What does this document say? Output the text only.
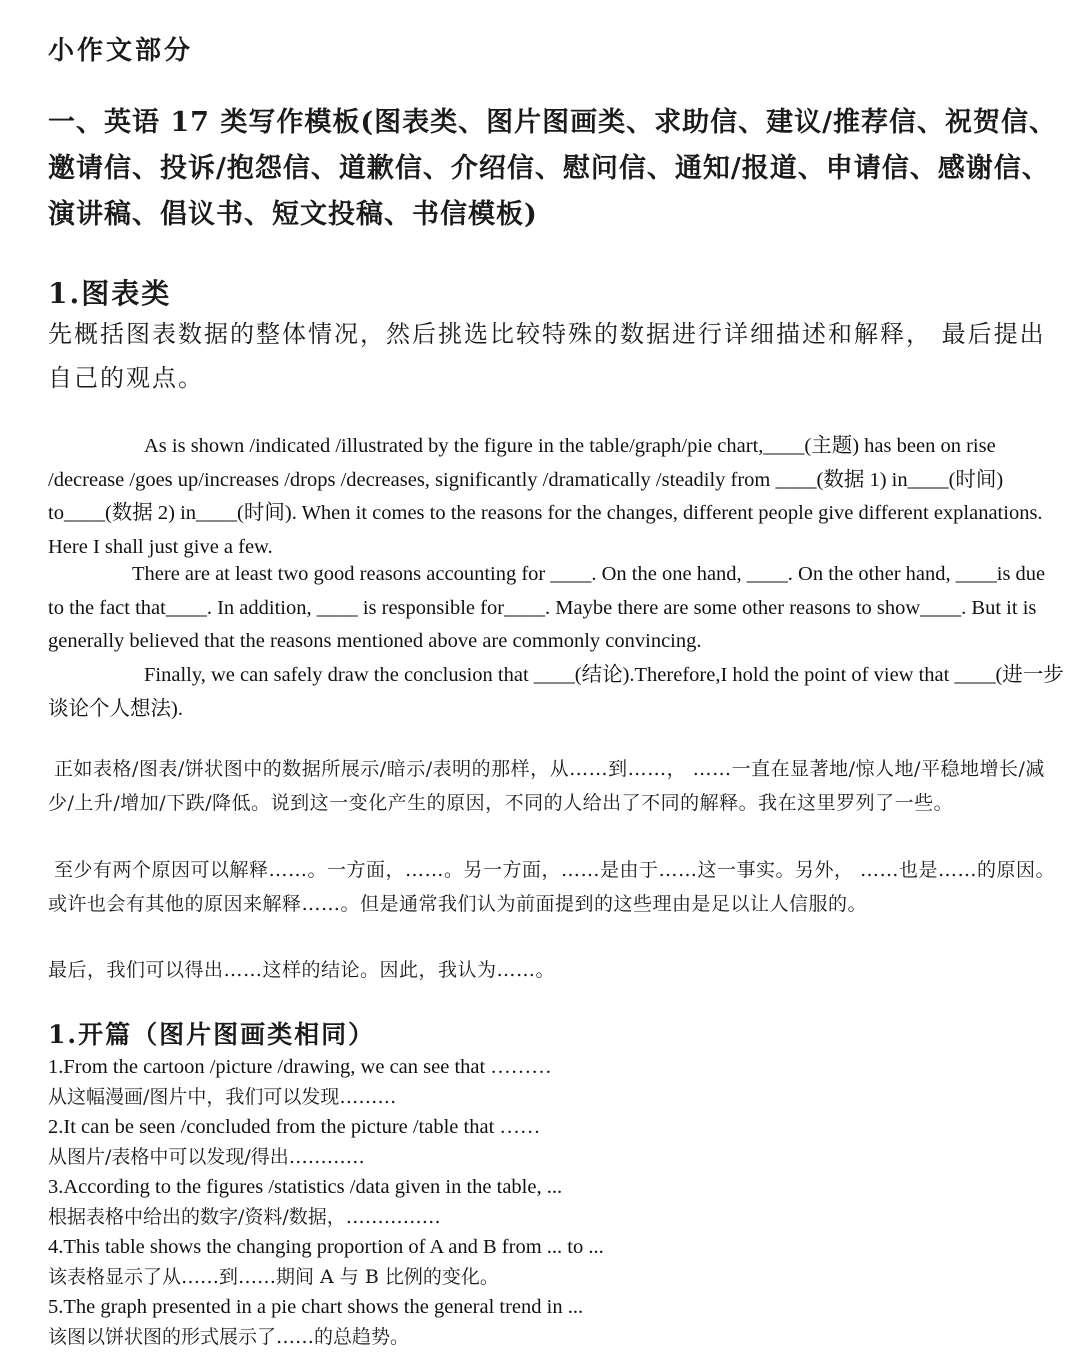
小作文部分
一、英语 17 类写作模板(图表类、图片图画类、求助信、建议/推荐信、祝贺信、邀请信、投诉/抱怨信、道歉信、介绍信、慰问信、通知/报道、申请信、感谢信、演讲稿、倡议书、短文投稿、书信模板)
1.图表类

先概括图表数据的整体情况，然后挑选比较特殊的数据进行详细描述和解释， 最后提出自己的观点。

As is shown /indicated /illustrated by the figure in the table/graph/pie chart,____(主题) has been on rise /decrease /goes up/increases /drops /decreases, significantly /dramatically /steadily from ____(数据 1) in____(时间) to____(数据 2) in____(时间). When it comes to the reasons for the changes, different people give different explanations. Here I shall just give a few.

There are at least two good reasons accounting for ____. On the one hand, ____. On the other hand, ____is due to the fact that____. In addition, ____ is responsible for____. Maybe there are some other reasons to show____. But it is generally believed that the reasons mentioned above are commonly convincing.

Finally, we can safely draw the conclusion that ____(结论).Therefore,I hold the point of view that ____(进一步谈论个人想法).

正如表格/图表/饼状图中的数据所展示/暗示/表明的那样，从……到……， ……一直在显著地/惊人地/平稳地增长/减少/上升/增加/下跌/降低。说到这一变化产生的原因，不同的人给出了不同的解释。我在这里罗列了一些。

至少有两个原因可以解释……。一方面，……。另一方面，……是由于……这一事实。另外， ……也是……的原因。或许也会有其他的原因来解释……。但是通常我们认为前面提到的这些理由是足以让人信服的。

最后，我们可以得出……这样的结论。因此，我认为……。

1.开篇（图片图画类相同）
1.From the cartoon /picture /drawing, we can see that ………
从这幅漫画/图片中，我们可以发现………
2.It can be seen /concluded from the picture /table that ……
从图片/表格中可以发现/得出…………
3.According to the figures /statistics /data given in the table, ...
根据表格中给出的数字/资料/数据，……………
4.This table shows the changing proportion of A and B from ... to ...
该表格显示了从……到……期间 A 与 B 比例的变化。
5.The graph presented in a pie chart shows the general trend in ...
该图以饼状图的形式展示了……的总趋势。
